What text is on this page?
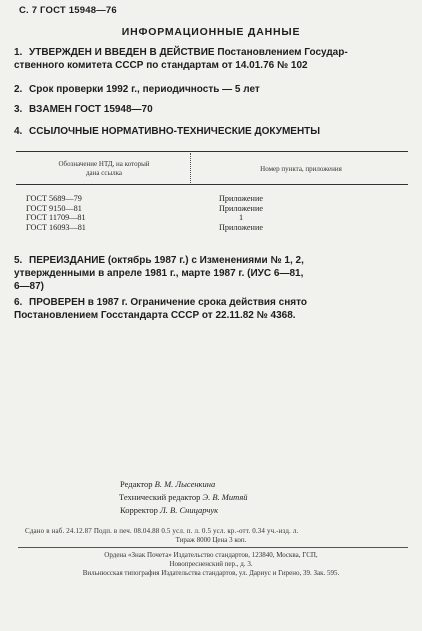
С. 7 ГОСТ 15948—76
ИНФОРМАЦИОННЫЕ ДАННЫЕ
1. УТВЕРЖДЕН И ВВЕДЕН В ДЕЙСТВИЕ Постановлением Государ-
ственного комитета СССР по стандартам от 14.01.76 № 102
2. Срок проверки 1992 г., периодичность — 5 лет
3. ВЗАМЕН ГОСТ 15948—70
4. ССЫЛОЧНЫЕ НОРМАТИВНО-ТЕХНИЧЕСКИЕ ДОКУМЕНТЫ
Обозначение НТД, на который
дана ссылка	Номер пункта, приложения
ГОСТ 5689—79
ГОСТ 9150—81
ГОСТ 11709—81
ГОСТ 16093—81
Приложение
Приложение
1
Приложение
5. ПЕРЕИЗДАНИЕ (октябрь 1987 г.) с Изменениями № 1, 2,
утвержденными в апреле 1981 г., марте 1987 г. (ИУС 6—81,
6—87)
6. ПРОВЕРЕН в 1987 г. Ограничение срока действия снято
Постановлением Госстандарта СССР от 22.11.82 № 4368.
Редактор В. М. Лысенкина
Технический редактор Э. В. Митяй
Корректор Л. В. Сницарчук
Сдано в наб. 24.12.87 Подп. в печ. 08.04.88 0.5 усл. п. л. 0.5 усл. кр.-отт. 0.34 уч.-изд. л.
Тираж 8000 Цена 3 коп.
Ордена «Знак Почета» Издательство стандартов, 123840, Москва, ГСП,
Новопресненский пер., д. 3.
Вильнюсская типография Издательства стандартов, ул. Дариус и Гирено, 39. Зак. 595.
